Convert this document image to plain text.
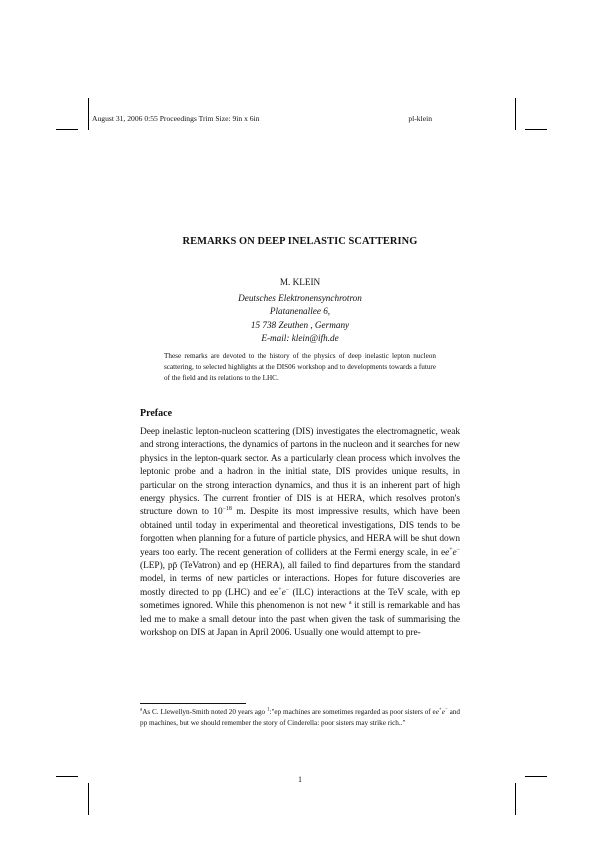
August 31, 2006 0:55 Proceedings Trim Size: 9in x 6in	pl-klein
REMARKS ON DEEP INELASTIC SCATTERING
M. KLEIN
Deutsches Elektronensynchrotron
Platanenallee 6,
15 738 Zeuthen , Germany
E-mail: klein@ifh.de
These remarks are devoted to the history of the physics of deep inelastic lepton nucleon scattering, to selected highlights at the DIS06 workshop and to developments towards a future of the field and its relations to the LHC.
Preface
Deep inelastic lepton-nucleon scattering (DIS) investigates the electromagnetic, weak and strong interactions, the dynamics of partons in the nucleon and it searches for new physics in the lepton-quark sector. As a particularly clean process which involves the leptonic probe and a hadron in the initial state, DIS provides unique results, in particular on the strong interaction dynamics, and thus it is an inherent part of high energy physics. The current frontier of DIS is at HERA, which resolves proton's structure down to $10^{-18}$ m. Despite its most impressive results, which have been obtained until today in experimental and theoretical investigations, DIS tends to be forgotten when planning for a future of particle physics, and HERA will be shut down years too early. The recent generation of colliders at the Fermi energy scale, in ee+e− (LEP), pp̄ (TeVatron) and ep (HERA), all failed to find departures from the standard model, in terms of new particles or interactions. Hopes for future discoveries are mostly directed to pp (LHC) and ee+e− (ILC) interactions at the TeV scale, with ep sometimes ignored. While this phenomenon is not new $^a$ it still is remarkable and has led me to make a small detour into the past when given the task of summarising the workshop on DIS at Japan in April 2006. Usually one would attempt to pre-
$^a$As C. Llewellyn-Smith noted 20 years ago $^1$:"ep machines are sometimes regarded as poor sisters of ee+e− and pp machines, but we should remember the story of Cinderella: poor sisters may strike rich.."
1
